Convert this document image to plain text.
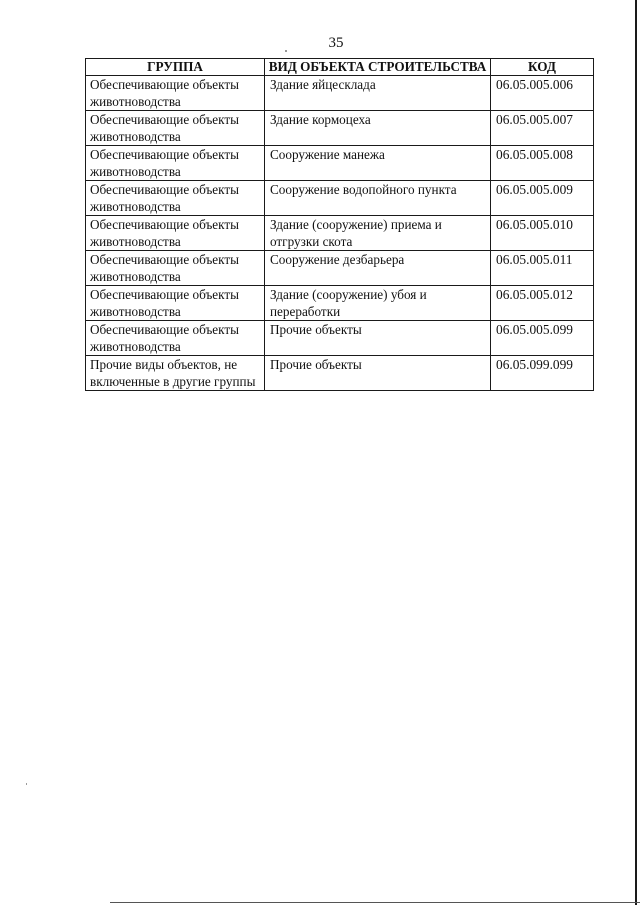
35
ГРУППА	ВИД ОБЪЕКТА СТРОИТЕЛЬСТВА	КОД
Обеспечивающие объекты животноводства	Здание яйцесклада	06.05.005.006
Обеспечивающие объекты животноводства	Здание кормоцеха	06.05.005.007
Обеспечивающие объекты животноводства	Сооружение манежа	06.05.005.008
Обеспечивающие объекты животноводства	Сооружение водопойного пункта	06.05.005.009
Обеспечивающие объекты животноводства	Здание (сооружение) приема и отгрузки скота	06.05.005.010
Обеспечивающие объекты животноводства	Сооружение дезбарьера	06.05.005.011
Обеспечивающие объекты животноводства	Здание (сооружение) убоя и переработки	06.05.005.012
Обеспечивающие объекты животноводства	Прочие объекты	06.05.005.099
Прочие виды объектов, не включенные в другие группы	Прочие объекты	06.05.099.099
